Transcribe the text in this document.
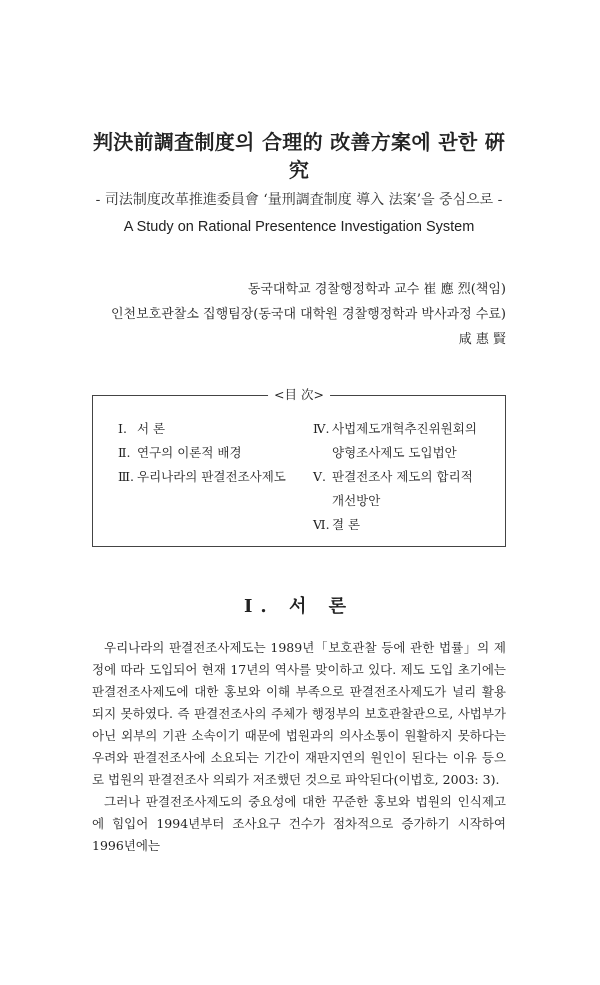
判決前調査制度의 合理的 改善方案에 관한 硏究
- 司法制度改革推進委員會 ‘量刑調査制度 導入 法案’을 중심으로 -
A Study on Rational Presentence Investigation System
동국대학교 경찰행정학과 교수 崔 應 烈(책임)
인천보호관찰소 집행팀장(동국대 대학원 경찰행정학과 박사과정 수료)
咸 惠 賢
<目 次>
Ⅰ. 서 론
Ⅱ. 연구의 이론적 배경
Ⅲ. 우리나라의 판결전조사제도
Ⅳ. 사법제도개혁추진위원회의
양형조사제도 도입법안
Ⅴ. 판결전조사 제도의 합리적
개선방안
Ⅵ. 결 론
Ⅰ. 서 론

우리나라의 판결전조사제도는 1989년「보호관찰 등에 관한 법률」의 제정에 따라 도입되어 현재 17년의 역사를 맞이하고 있다. 제도 도입 초기에는 판결전조사제도에 대한 홍보와 이해 부족으로 판결전조사제도가 널리 활용되지 못하였다. 즉 판결전조사의 주체가 행정부의 보호관찰관으로, 사법부가 아닌 외부의 기관 소속이기 때문에 법원과의 의사소통이 원활하지 못하다는 우려와 판결전조사에 소요되는 기간이 재판지연의 원인이 된다는 이유 등으로 법원의 판결전조사 의뢰가 저조했던 것으로 파악된다(이법호, 2003: 3).

그러나 판결전조사제도의 중요성에 대한 꾸준한 홍보와 법원의 인식제고에 힘입어 1994년부터 조사요구 건수가 점차적으로 증가하기 시작하여 1996년에는
